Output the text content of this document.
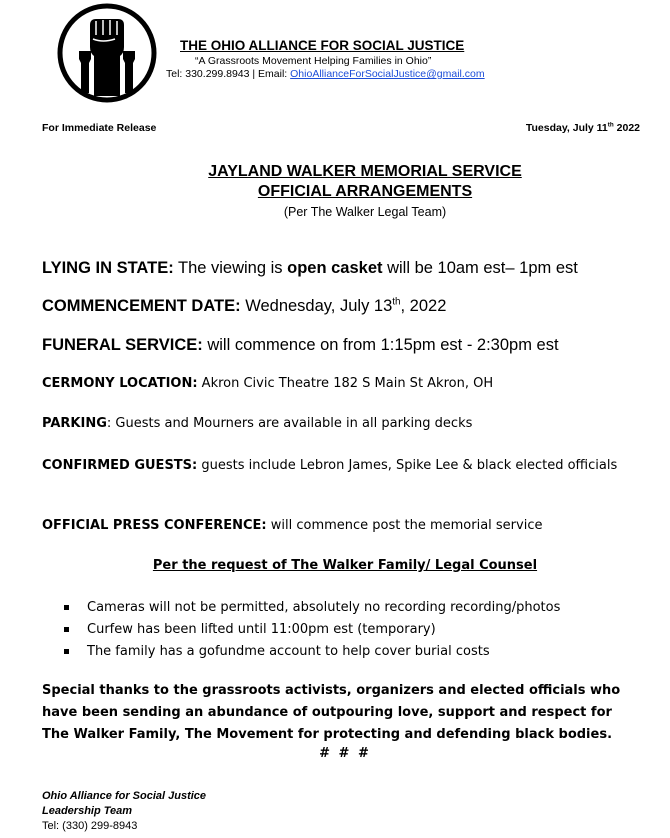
THE OHIO ALLIANCE FOR SOCIAL JUSTICE
“A Grassroots Movement Helping Families in Ohio”
Tel: 330.299.8943 | Email: OhioAllianceForSocialJustice@gmail.com
For Immediate Release	Tuesday, July 11th 2022
JAYLAND WALKER MEMORIAL SERVICE
OFFICIAL ARRANGEMENTS
(Per The Walker Legal Team)
LYING IN STATE: The viewing is open casket will be 10am est– 1pm est
COMMENCEMENT DATE: Wednesday, July 13th, 2022
FUNERAL SERVICE: will commence on from 1:15pm est - 2:30pm est
CERMONY LOCATION: Akron Civic Theatre 182 S Main St Akron, OH
PARKING: Guests and Mourners are available in all parking decks
CONFIRMED GUESTS: guests include Lebron James, Spike Lee & black elected officials
OFFICIAL PRESS CONFERENCE: will commence post the memorial service
Per the request of The Walker Family/ Legal Counsel
Cameras will not be permitted, absolutely no recording recording/photos
Curfew has been lifted until 11:00pm est (temporary)
The family has a gofundme account to help cover burial costs
Special thanks to the grassroots activists, organizers and elected officials who have been sending an abundance of outpouring love, support and respect for The Walker Family, The Movement for protecting and defending black bodies.
# # #
Ohio Alliance for Social Justice
Leadership Team
Tel: (330) 299-8943
